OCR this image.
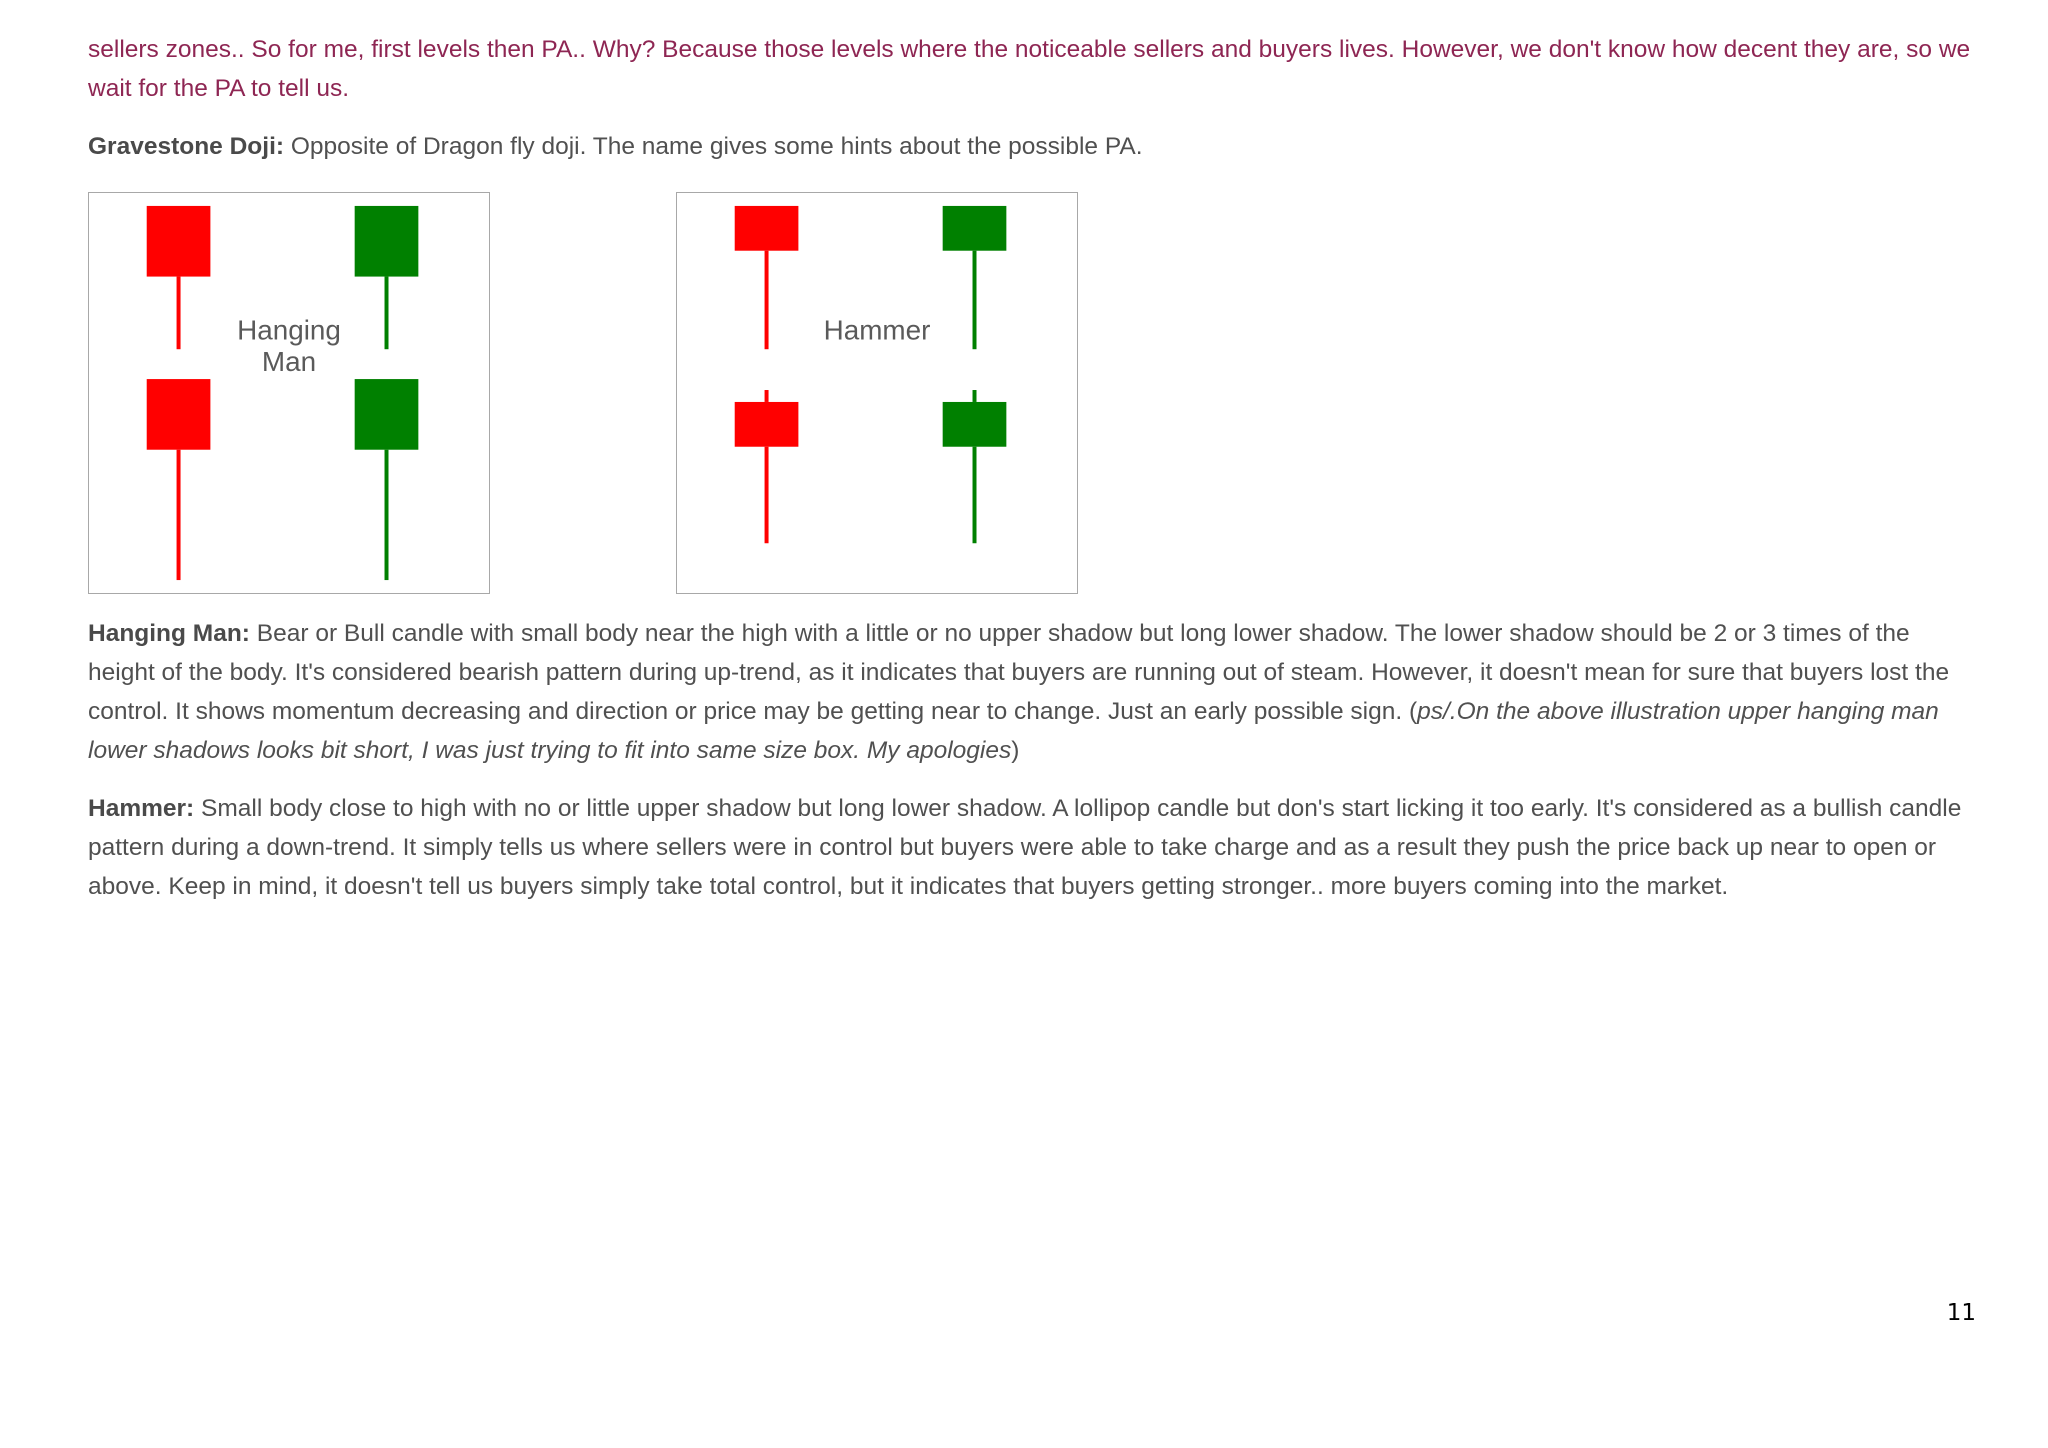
sellers zones.. So for me, first levels then PA.. Why? Because those levels where the noticeable sellers and buyers lives. However, we don't know how decent they are, so we wait for the PA to tell us.

Gravestone Doji: Opposite of Dragon fly doji. The name gives some hints about the possible PA.

Hanging
Man
Hammer

Hanging Man: Bear or Bull candle with small body near the high with a little or no upper shadow but long lower shadow. The lower shadow should be 2 or 3 times of the height of the body. It's considered bearish pattern during up-trend, as it indicates that buyers are running out of steam. However, it doesn't mean for sure that buyers lost the control. It shows momentum decreasing and direction or price may be getting near to change. Just an early possible sign. (ps/.On the above illustration upper hanging man lower shadows looks bit short, I was just trying to fit into same size box. My apologies)

Hammer: Small body close to high with no or little upper shadow but long lower shadow. A lollipop candle but don's start licking it too early. It's considered as a bullish candle pattern during a down-trend. It simply tells us where sellers were in control but buyers were able to take charge and as a result they push the price back up near to open or above. Keep in mind, it doesn't tell us buyers simply take total control, but it indicates that buyers getting stronger.. more buyers coming into the market.

11
